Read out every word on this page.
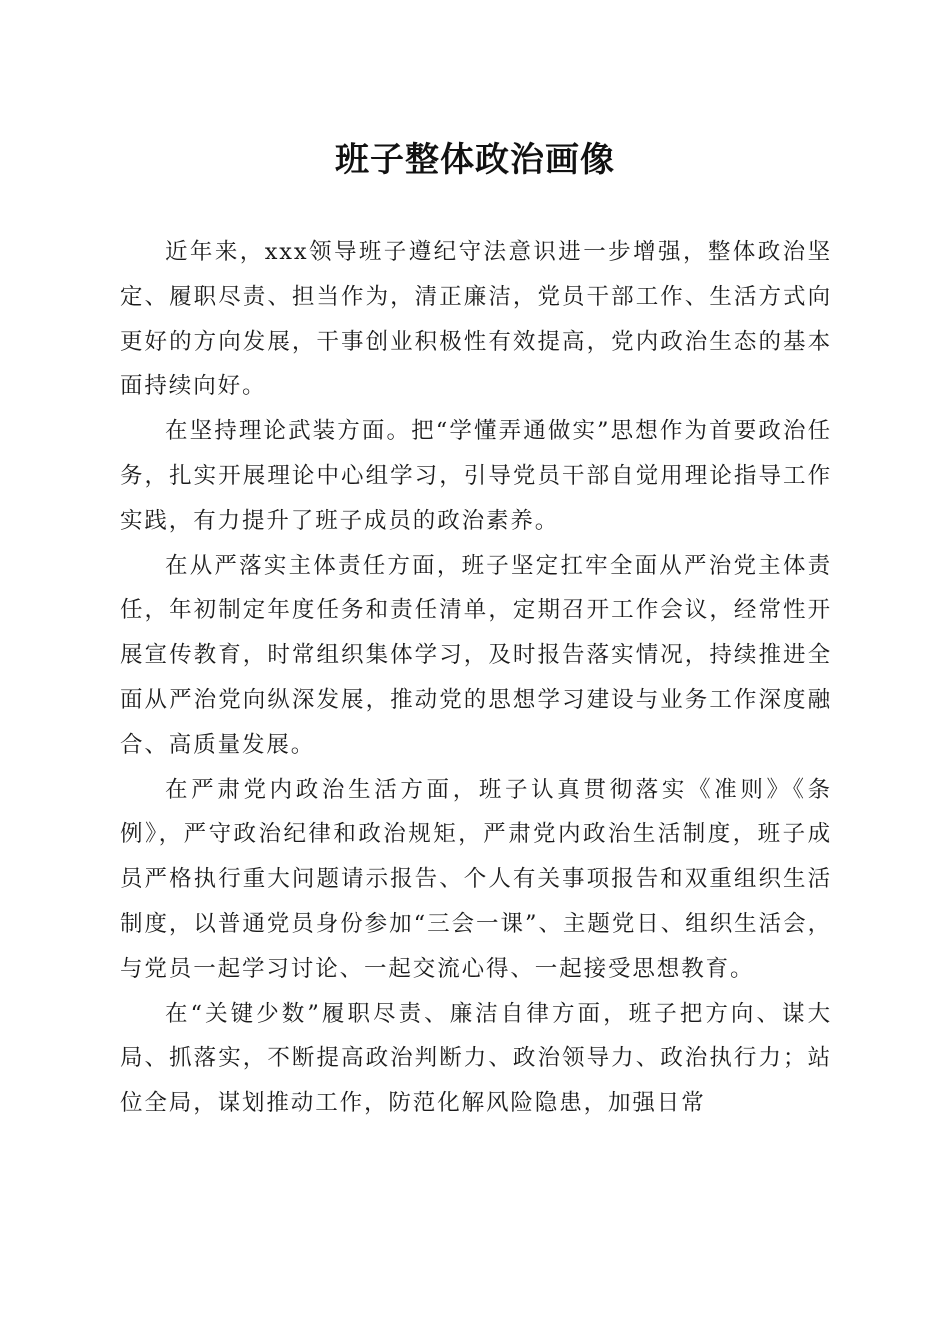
班子整体政治画像

近年来，xxx领导班子遵纪守法意识进一步增强，整体政治坚定、履职尽责、担当作为，清正廉洁，党员干部工作、生活方式向更好的方向发展，干事创业积极性有效提高，党内政治生态的基本面持续向好。

在坚持理论武装方面。把“学懂弄通做实”思想作为首要政治任务，扎实开展理论中心组学习，引导党员干部自觉用理论指导工作实践，有力提升了班子成员的政治素养。

在从严落实主体责任方面，班子坚定扛牢全面从严治党主体责任，年初制定年度任务和责任清单，定期召开工作会议，经常性开展宣传教育，时常组织集体学习，及时报告落实情况，持续推进全面从严治党向纵深发展，推动党的思想学习建设与业务工作深度融合、高质量发展。

在严肃党内政治生活方面，班子认真贯彻落实《准则》《条例》，严守政治纪律和政治规矩，严肃党内政治生活制度，班子成员严格执行重大问题请示报告、个人有关事项报告和双重组织生活制度，以普通党员身份参加“三会一课”、主题党日、组织生活会，与党员一起学习讨论、一起交流心得、一起接受思想教育。

在“关键少数”履职尽责、廉洁自律方面，班子把方向、谋大局、抓落实，不断提高政治判断力、政治领导力、政治执行力；站位全局，谋划推动工作，防范化解风险隐患，加强日常
